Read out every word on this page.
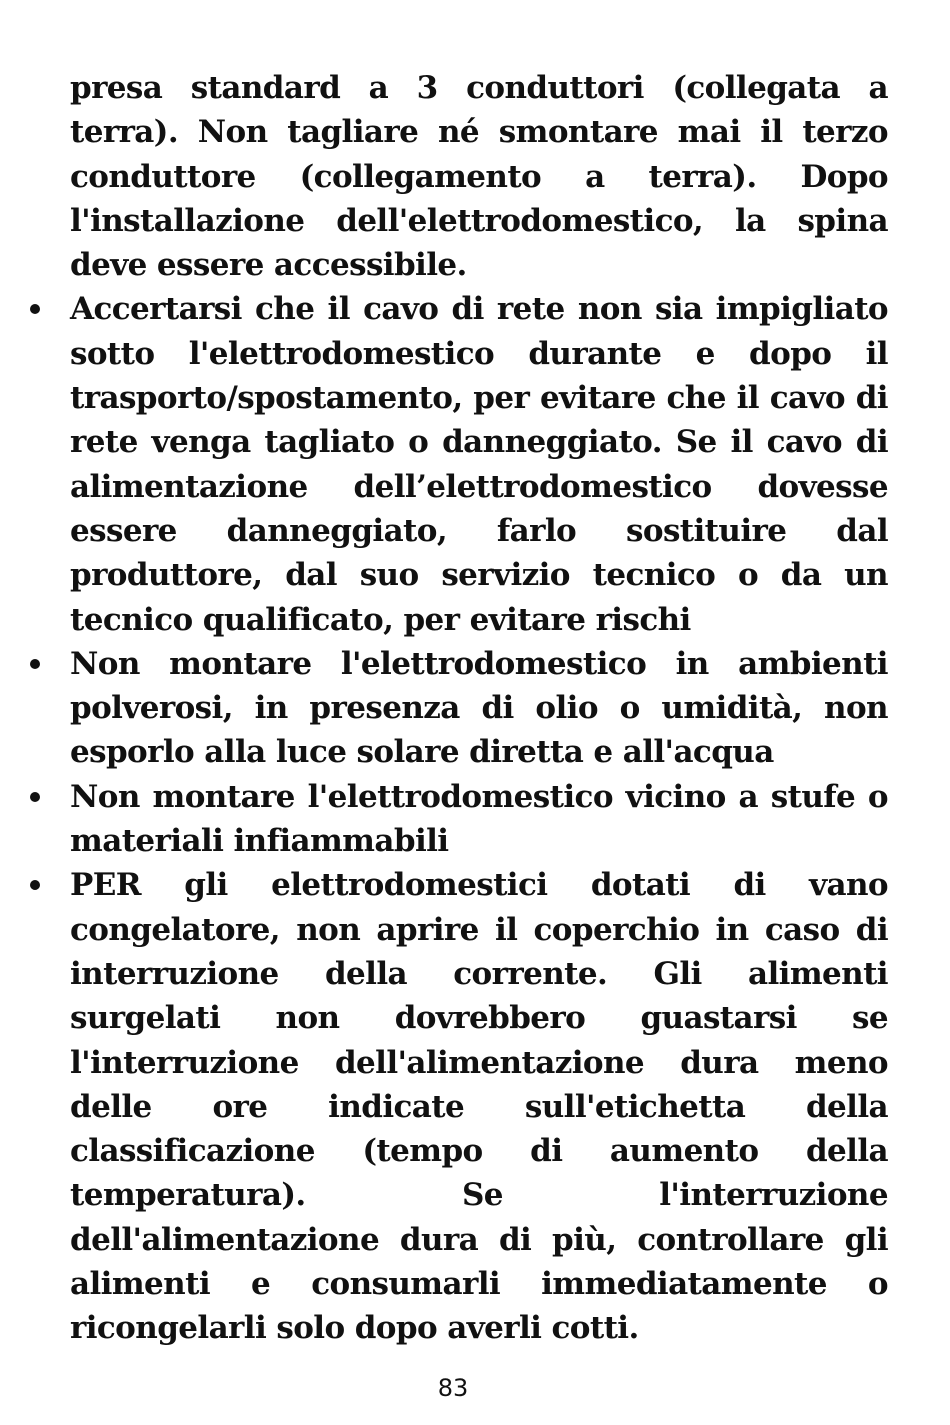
presa standard a 3 conduttori (collegata a terra). Non tagliare né smontare mai il terzo conduttore (collegamento a terra). Dopo l'installazione dell'elettrodomestico, la spina deve essere accessibile.

Accertarsi che il cavo di rete non sia impigliato sotto l'elettrodomestico durante e dopo il trasporto/spostamento, per evitare che il cavo di rete venga tagliato o danneggiato. Se il cavo di alimentazione dell’elettrodomestico dovesse essere danneggiato, farlo sostituire dal produttore, dal suo servizio tecnico o da un tecnico qualificato, per evitare rischi
Non montare l'elettrodomestico in ambienti polverosi, in presenza di olio o umidità, non esporlo alla luce solare diretta e all'acqua
Non montare l'elettrodomestico vicino a stufe o materiali infiammabili
PER gli elettrodomestici dotati di vano congelatore, non aprire il coperchio in caso di interruzione della corrente. Gli alimenti surgelati non dovrebbero guastarsi se l'interruzione dell'alimentazione dura meno delle ore indicate sull'etichetta della classificazione (tempo di aumento della temperatura). Se l'interruzione dell'alimentazione dura di più, controllare gli alimenti e consumarli immediatamente o ricongelarli solo dopo averli cotti.
83
